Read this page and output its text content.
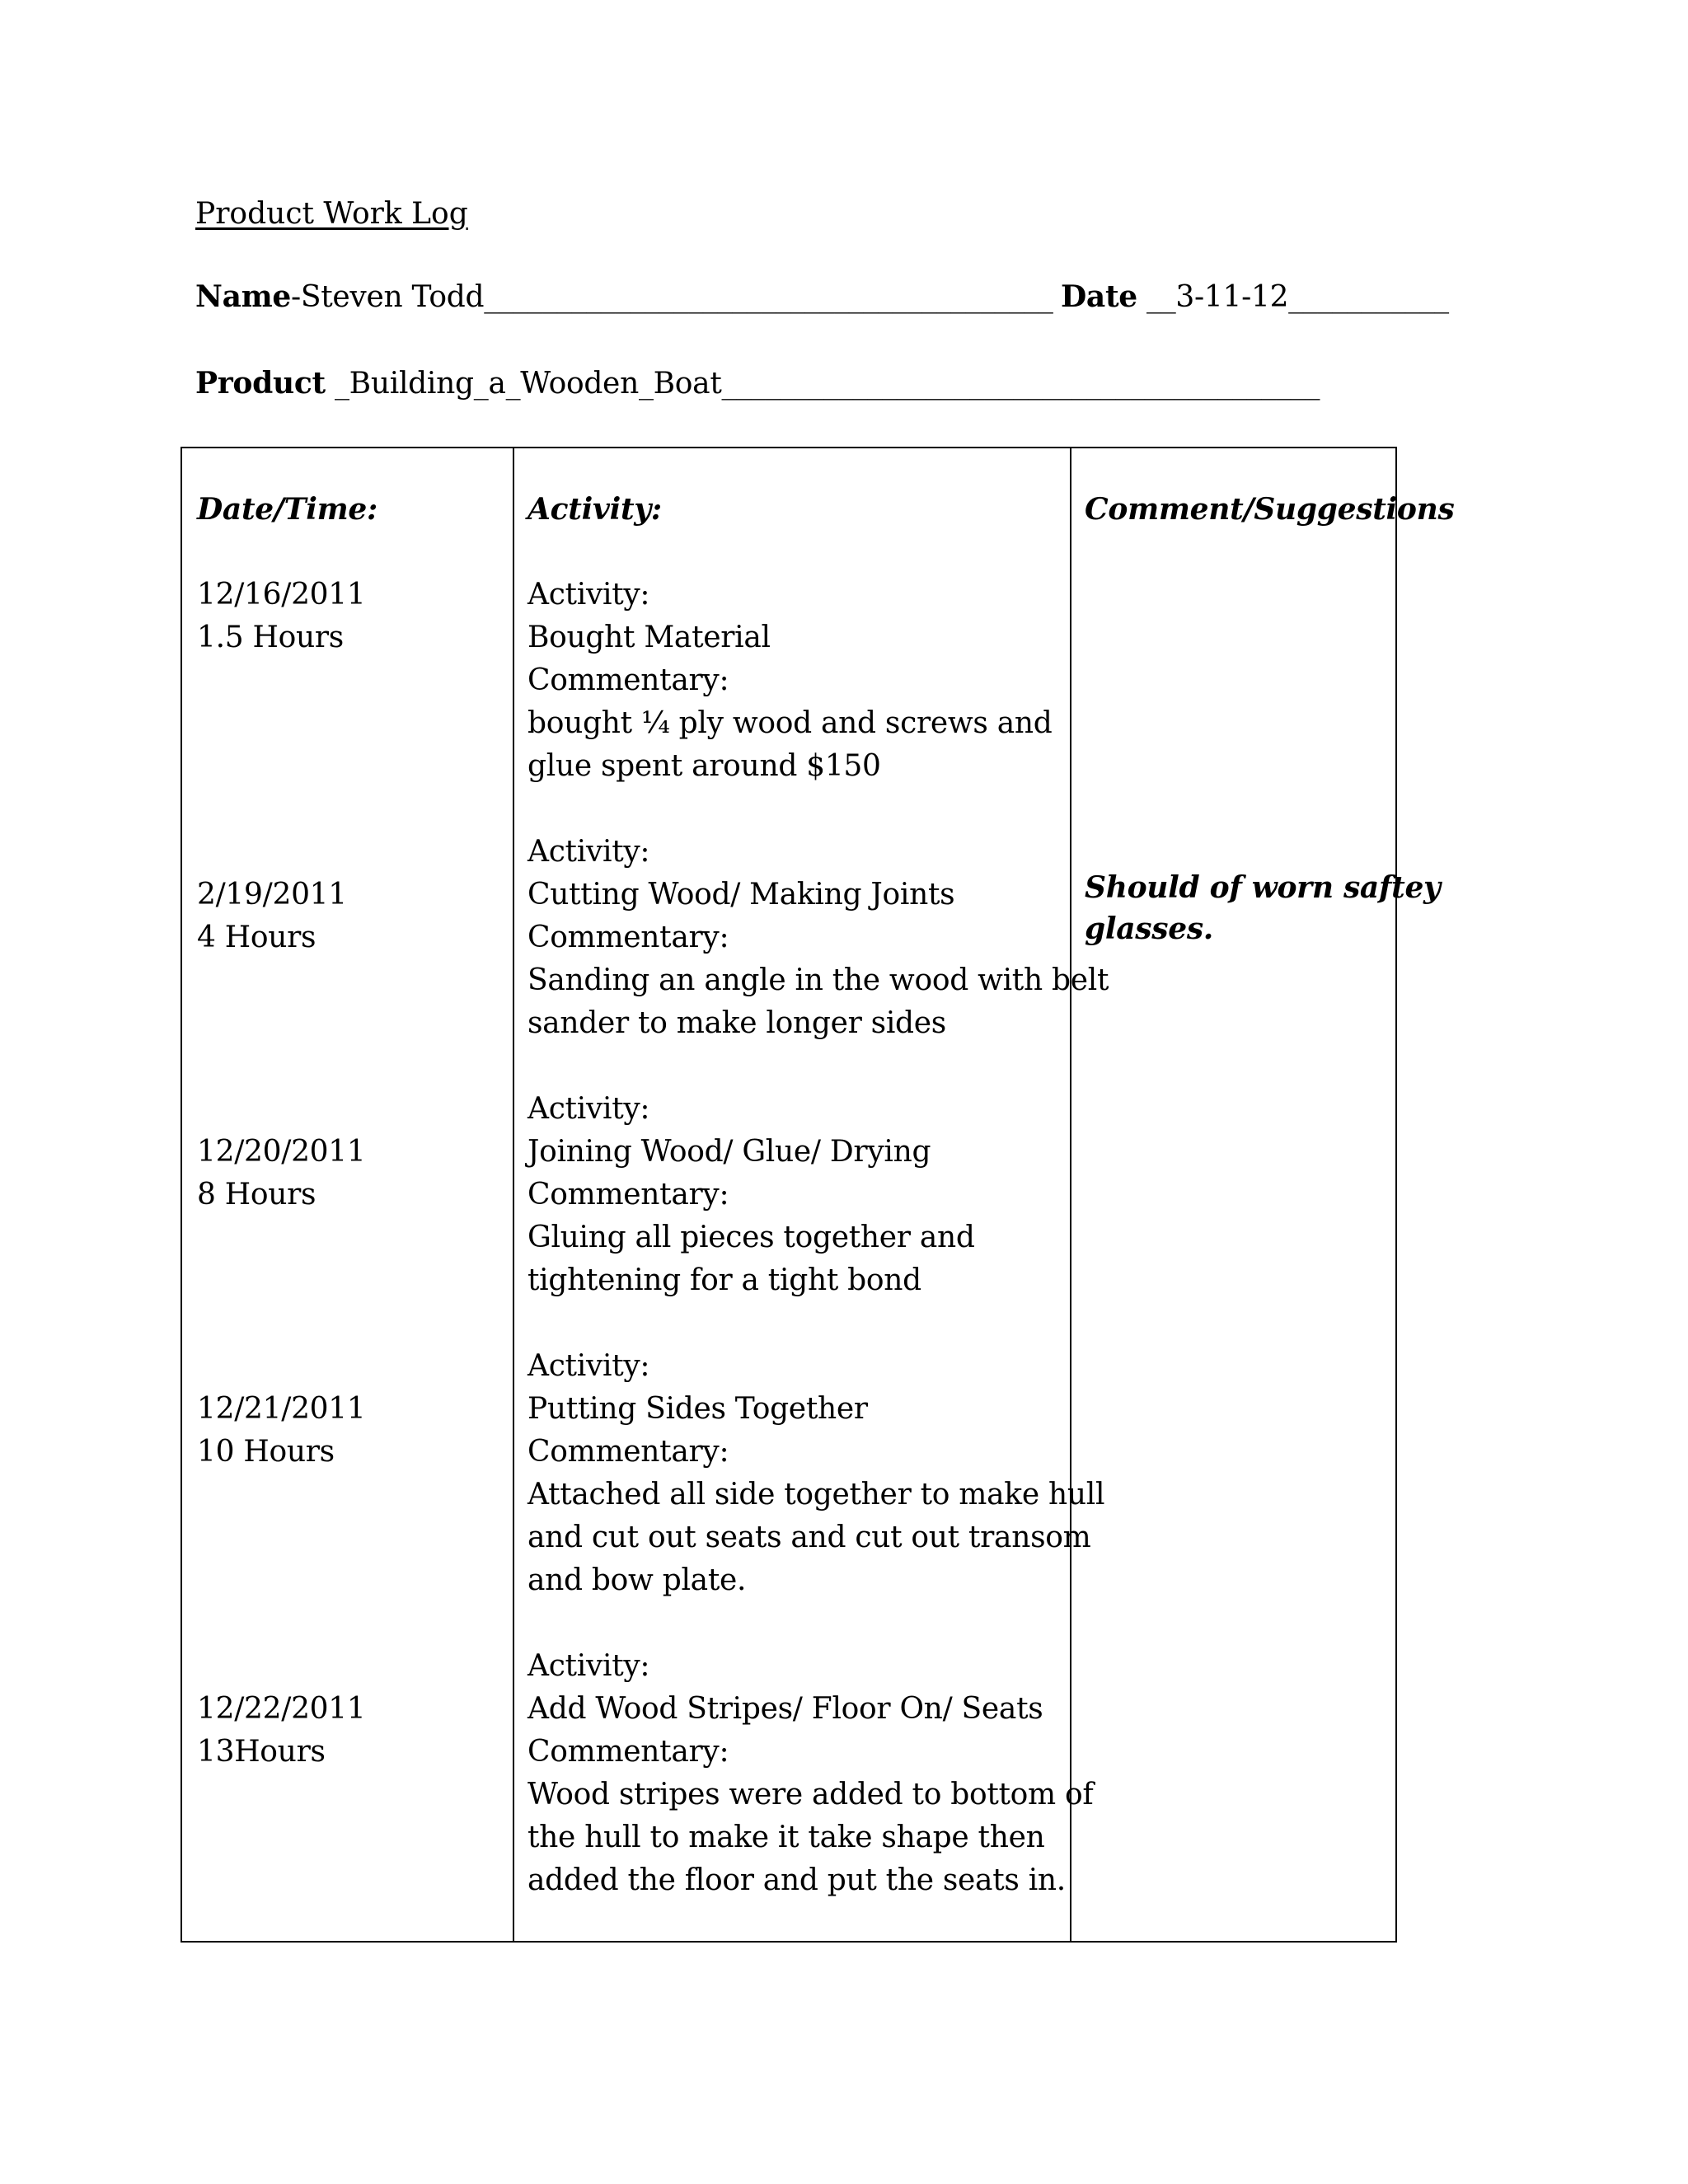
Product Work Log
Name-Steven Todd_______________________________________ Date __3-11-12___________
Product _Building_a_Wooden_Boat_________________________________________
Date/Time:	Activity:	Comment/Suggestions
12/16/2011
1.5 Hours
Activity:
Bought Material
Commentary:
bought ¼ ply wood and screws and
glue spent around $150
2/19/2011
4 Hours
Activity:
Cutting Wood/ Making Joints
Commentary:
Sanding an angle in the wood with belt
sander to make longer sides
Should of worn saftey
glasses.
12/20/2011
8 Hours
Activity:
Joining Wood/ Glue/ Drying
Commentary:
Gluing all pieces together and
tightening for a tight bond
12/21/2011
10 Hours
Activity:
Putting Sides Together
Commentary:
Attached all side together to make hull
and cut out seats and cut out transom
and bow plate.
12/22/2011
13Hours
Activity:
Add Wood Stripes/ Floor On/ Seats
Commentary:
Wood stripes were added to bottom of
the hull to make it take shape then
added the floor and put the seats in.
